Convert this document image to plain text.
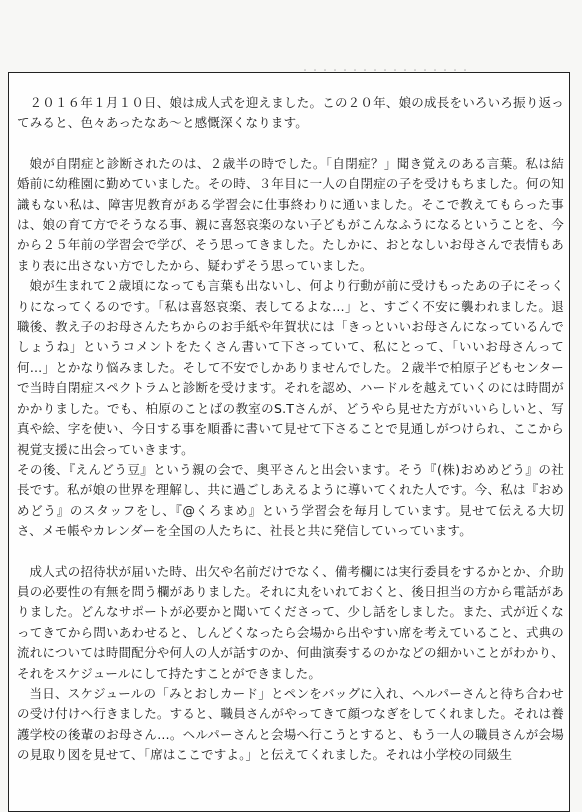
２０１６年１月１０日、娘は成人式を迎えました。この２０年、娘の成長をいろいろ振り返ってみると、色々あったなあ～と感慨深くなります。

娘が自閉症と診断されたのは、２歳半の時でした。「自閉症？」聞き覚えのある言葉。私は結婚前に幼稚園に勤めていました。その時、３年目に一人の自閉症の子を受けもちました。何の知識もない私は、障害児教育がある学習会に仕事終わりに通いました。そこで教えてもらった事は、娘の育て方でそうなる事、親に喜怒哀楽のない子どもがこんなふうになるということを、今から２５年前の学習会で学び、そう思ってきました。たしかに、おとなしいお母さんで表情もあまり表に出さない方でしたから、疑わずそう思っていました。

娘が生まれて２歳頃になっても言葉も出ないし、何より行動が前に受けもったあの子にそっくりになってくるのです。「私は喜怒哀楽、表してるよな…」と、すごく不安に襲われました。退職後、教え子のお母さんたちからのお手紙や年賀状には「きっといいお母さんになっているんでしょうね」というコメントをたくさん書いて下さっていて、私にとって、「いいお母さんって何…」とかなり悩みました。そして不安でしかありませんでした。２歳半で柏原子どもセンターで当時自閉症スペクトラムと診断を受けます。それを認め、ハードルを越えていくのには時間がかかりました。でも、柏原のことばの教室のS.Tさんが、どうやら見せた方がいいらしいと、写真や絵、字を使い、今日する事を順番に書いて見せて下さることで見通しがつけられ、ここから視覚支援に出会っていきます。

その後、『えんどう豆』という親の会で、奥平さんと出会います。そう『(株)おめめどう』の社長です。私が娘の世界を理解し、共に過ごしあえるように導いてくれた人です。今、私は『おめめどう』のスタッフをし、『@くろまめ』という学習会を毎月しています。見せて伝える大切さ、メモ帳やカレンダーを全国の人たちに、社長と共に発信していっています。

成人式の招待状が届いた時、出欠や名前だけでなく、備考欄には実行委員をするかとか、介助員の必要性の有無を問う欄がありました。それに丸をいれておくと、後日担当の方から電話がありました。どんなサポートが必要かと聞いてくださって、少し話をしました。また、式が近くなってきてから問いあわせると、しんどくなったら会場から出やすい席を考えていること、式典の流れについては時間配分や何人の人が話すのか、何曲演奏するのかなどの細かいことがわかり、それをスケジュールにして持たすことができました。

当日、スケジュールの「みとおしカード」とペンをバッグに入れ、ヘルパーさんと待ち合わせの受け付けへ行きました。すると、職員さんがやってきて顔つなぎをしてくれました。それは養護学校の後輩のお母さん…。ヘルパーさんと会場へ行こうとすると、もう一人の職員さんが会場の見取り図を見せて、「席はここですよ。」と伝えてくれました。それは小学校の同級生
